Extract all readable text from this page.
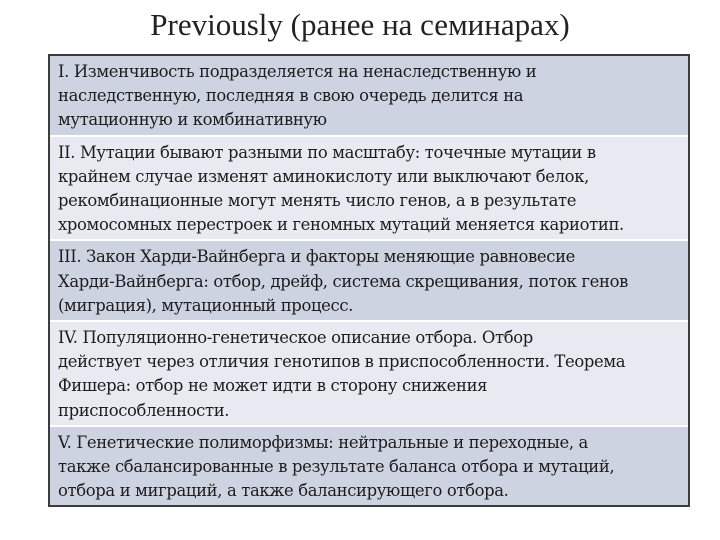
Previously (ранее на семинарах)
I. Изменчивость подразделяется на ненаследственную и
наследственную, последняя в свою очередь делится на
мутационную и комбинативную
II. Мутации бывают разными по масштабу: точечные мутации в
крайнем случае изменят аминокислоту или выключают белок,
рекомбинационные могут менять число генов, а в результате
хромосомных перестроек и геномных мутаций меняется кариотип.
III. Закон Харди-Вайнберга и факторы меняющие равновесие
Харди-Вайнберга: отбор, дрейф, система скрещивания, поток генов
(миграция), мутационный процесс.
IV. Популяционно-генетическое описание отбора. Отбор
действует через отличия генотипов в приспособленности. Теорема
Фишера: отбор не может идти в сторону снижения
приспособленности.
V. Генетические полиморфизмы: нейтральные и переходные, а
также сбалансированные в результате баланса отбора и мутаций,
отбора и миграций, а также балансирующего отбора.
